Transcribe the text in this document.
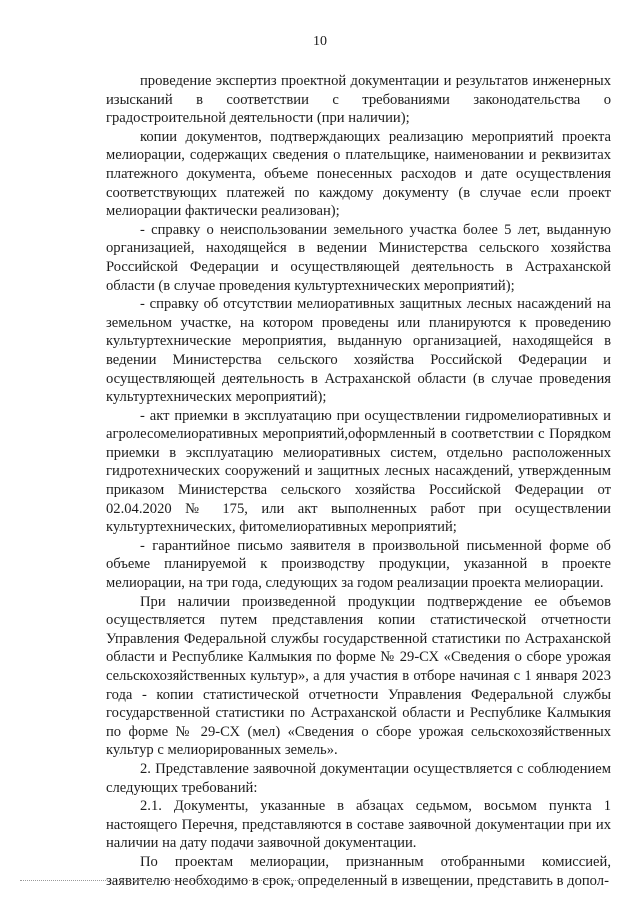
10

проведение экспертиз проектной документации и результатов инженерных изысканий в соответствии с требованиями законодательства о градостроительной деятельности (при наличии);

копии документов, подтверждающих реализацию мероприятий проекта мелиорации, содержащих сведения о плательщике, наименовании и реквизитах платежного документа, объеме понесенных расходов и дате осуществления соответствующих платежей по каждому документу (в случае если проект мелиорации фактически реализован);

- справку о неиспользовании земельного участка более 5 лет, выданную организацией, находящейся в ведении Министерства сельского хозяйства Российской Федерации и осуществляющей деятельность в Астраханской области (в случае проведения культуртехнических мероприятий);

- справку об отсутствии мелиоративных защитных лесных насаждений на земельном участке, на котором проведены или планируются к проведению культуртехнические мероприятия, выданную организацией, находящейся в ведении Министерства сельского хозяйства Российской Федерации и осуществляющей деятельность в Астраханской области (в случае проведения культуртехнических мероприятий);

- акт приемки в эксплуатацию при осуществлении гидромелиоративных и агролесомелиоративных мероприятий,оформленный в соответствии с Порядком приемки в эксплуатацию мелиоративных систем, отдельно расположенных гидротехнических сооружений и защитных лесных насаждений, утвержденным приказом Министерства сельского хозяйства Российской Федерации от 02.04.2020 № 175, или акт выполненных работ при осуществлении культуртехнических, фитомелиоративных мероприятий;

- гарантийное письмо заявителя в произвольной письменной форме об объеме планируемой к производству продукции, указанной в проекте мелиорации, на три года, следующих за годом реализации проекта мелиорации.

При наличии произведенной продукции подтверждение ее объемов осуществляется путем представления копии статистической отчетности Управления Федеральной службы государственной статистики по Астраханской области и Республике Калмыкия по форме № 29-СХ «Сведения о сборе урожая сельскохозяйственных культур», а для участия в отборе начиная с 1 января 2023 года - копии статистической отчетности Управления Федеральной службы государственной статистики по Астраханской области и Республике Калмыкия по форме № 29-СХ (мел) «Сведения о сборе урожая сельскохозяйственных культур с мелиорированных земель».

2. Представление заявочной документации осуществляется с соблюдением следующих требований:

2.1. Документы, указанные в абзацах седьмом, восьмом пункта 1 настоящего Перечня, представляются в составе заявочной документации при их наличии на дату подачи заявочной документации.

По проектам мелиорации, признанным отобранными комиссией, заявителю необходимо в срок, определенный в извещении, представить в допол-
